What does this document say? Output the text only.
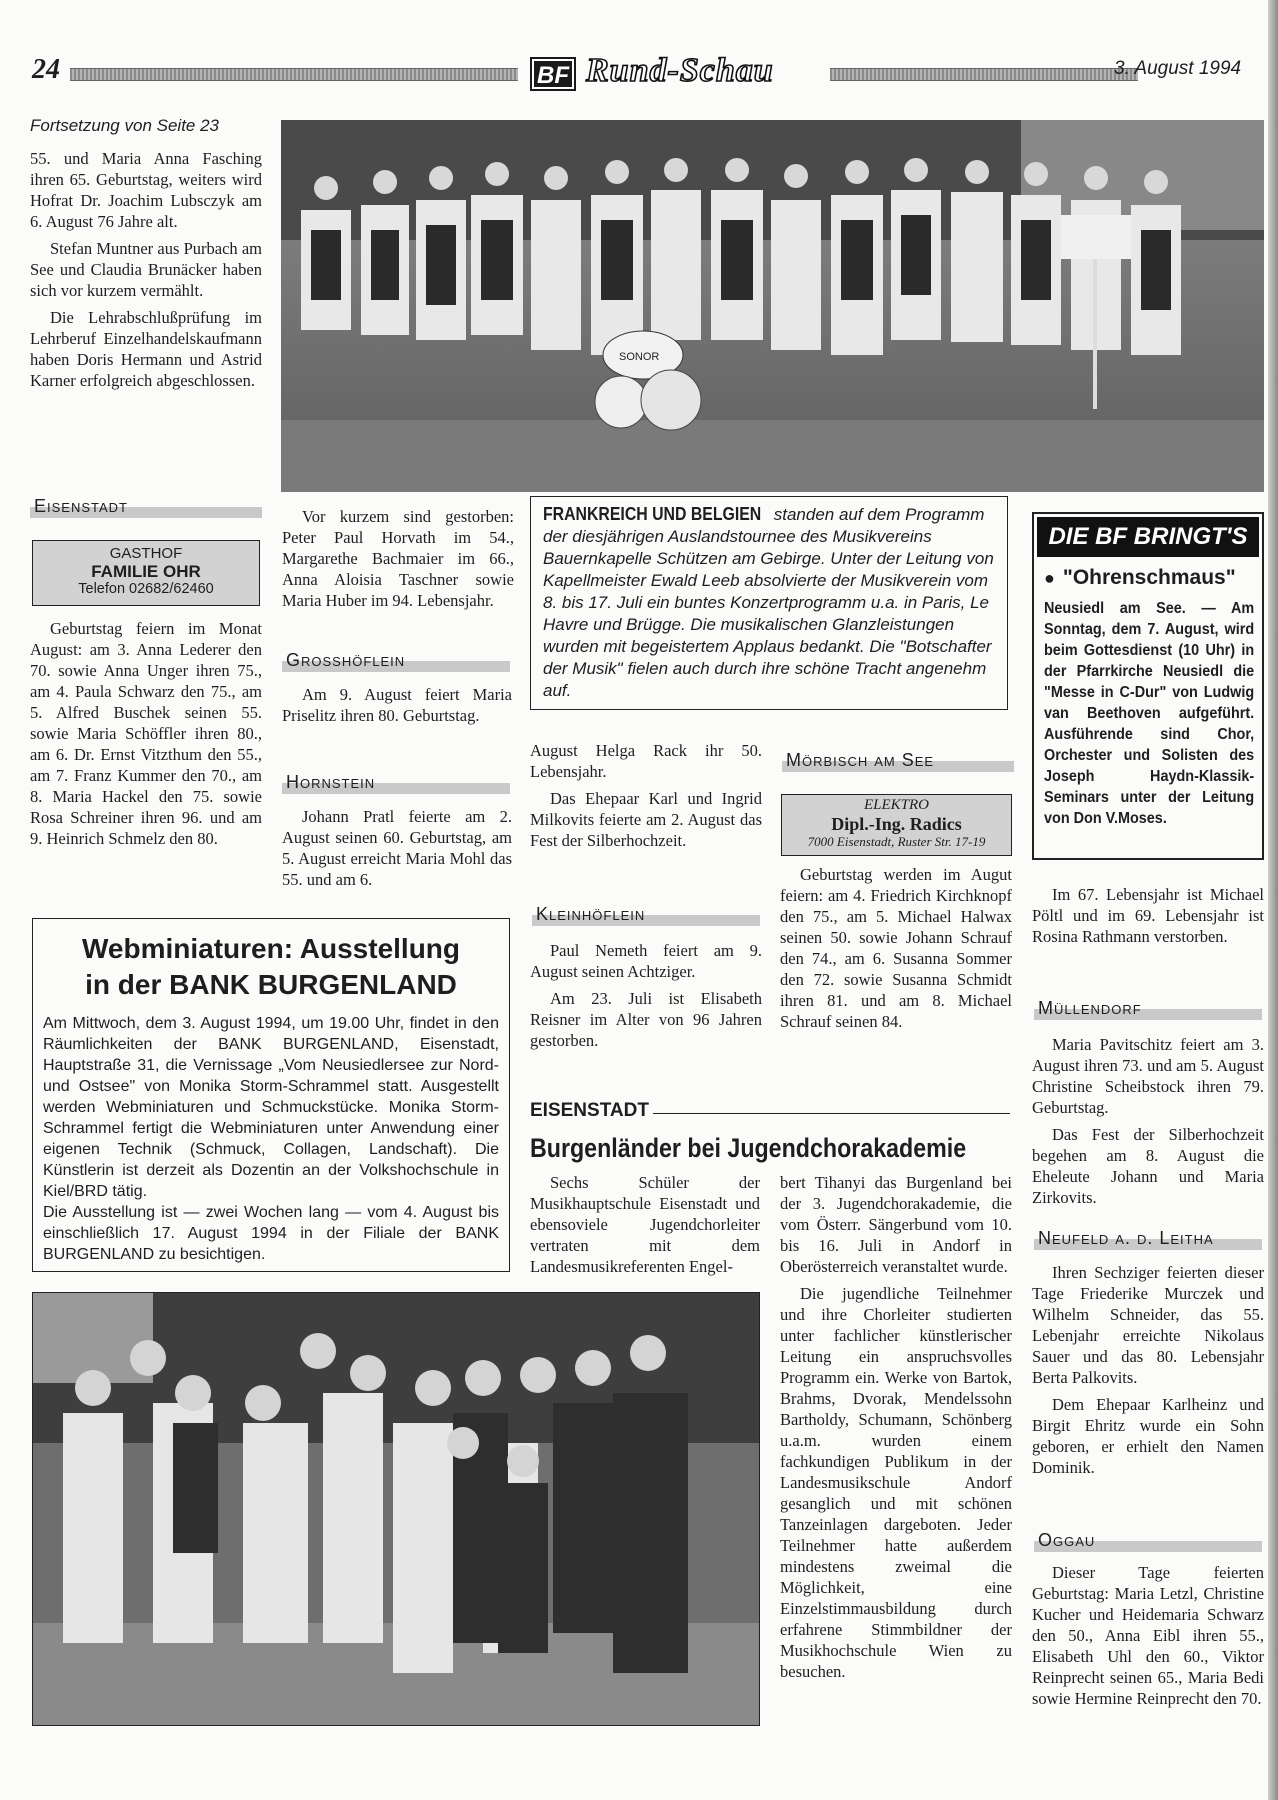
24	BF Rund-Schau	3. August 1994
Fortsetzung von Seite 23

55. und Maria Anna Fasching ihren 65. Geburtstag, weiters wird Hofrat Dr. Joachim Lubsczyk am 6. August 76 Jahre alt.

Stefan Muntner aus Purbach am See und Claudia Brunäcker haben sich vor kurzem vermählt.

Die Lehrabschlußprüfung im Lehrberuf Einzelhandelskaufmann haben Doris Hermann und Astrid Karner erfolgreich abgeschlossen.

Eisenstadt
GASTHOF
FAMILIE OHR
Telefon 02682/62460

Geburtstag feiern im Monat August: am 3. Anna Lederer den 70. sowie Anna Unger ihren 75., am 4. Paula Schwarz den 75., am 5. Alfred Buschek seinen 55. sowie Maria Schöffler ihren 80., am 6. Dr. Ernst Vitzthum den 55., am 7. Franz Kummer den 70., am 8. Maria Hackel den 75. sowie Rosa Schreiner ihren 96. und am 9. Heinrich Schmelz den 80.

SONOR

Vor kurzem sind gestorben: Peter Paul Horvath im 54., Margarethe Bachmaier im 66., Anna Aloisia Taschner sowie Maria Huber im 94. Lebensjahr.

Grosshöflein

Am 9. August feiert Maria Priselitz ihren 80. Geburtstag.

Hornstein

Johann Pratl feierte am 2. August seinen 60. Geburtstag, am 5. August erreicht Maria Mohl das 55. und am 6.

FRANKREICH UND BELGIEN standen auf dem Programm der diesjährigen Auslandstournee des Musikvereins Bauernkapelle Schützen am Gebirge. Unter der Leitung von Kapellmeister Ewald Leeb absolvierte der Musikverein vom 8. bis 17. Juli ein buntes Konzertprogramm u.a. in Paris, Le Havre und Brügge. Die musikalischen Glanzleistungen wurden mit begeistertem Applaus bedankt. Die "Botschafter der Musik" fielen auch durch ihre schöne Tracht angenehm auf.

August Helga Rack ihr 50. Lebensjahr.

Das Ehepaar Karl und Ingrid Milkovits feierte am 2. August das Fest der Silberhochzeit.

Kleinhöflein

Paul Nemeth feiert am 9. August seinen Achtziger.

Am 23. Juli ist Elisabeth Reisner im Alter von 96 Jahren gestorben.

Mörbisch am See
ELEKTRO
Dipl.-Ing. Radics
7000 Eisenstadt, Ruster Str. 17-19

Geburtstag werden im Augut feiern: am 4. Friedrich Kirchknopf den 75., am 5. Michael Halwax seinen 50. sowie Johann Schrauf den 74., am 6. Susanna Sommer den 72. sowie Susanna Schmidt ihren 81. und am 8. Michael Schrauf seinen 84.

DIE BF BRINGT'S
● "Ohrenschmaus"
Neusiedl am See. — Am Sonntag, dem 7. August, wird beim Gottesdienst (10 Uhr) in der Pfarrkirche Neusiedl die "Messe in C-Dur" von Ludwig van Beethoven aufgeführt. Ausführende sind Chor, Orchester und Solisten des Joseph Haydn-Klassik-Seminars unter der Leitung von Don V.Moses.

Im 67. Lebensjahr ist Michael Pöltl und im 69. Lebensjahr ist Rosina Rathmann verstorben.

Müllendorf

Maria Pavitschitz feiert am 3. August ihren 73. und am 5. August Christine Scheibstock ihren 79. Geburtstag.

Das Fest der Silberhochzeit begehen am 8. August die Eheleute Johann und Maria Zirkovits.

Neufeld a. d. Leitha

Ihren Sechziger feierten dieser Tage Friederike Murczek und Wilhelm Schneider, das 55. Lebenjahr erreichte Nikolaus Sauer und das 80. Lebensjahr Berta Palkovits.

Dem Ehepaar Karlheinz und Birgit Ehritz wurde ein Sohn geboren, er erhielt den Namen Dominik.

Oggau

Dieser Tage feierten Geburtstag: Maria Letzl, Christine Kucher und Heidemaria Schwarz den 50., Anna Eibl ihren 55., Elisabeth Uhl den 60., Viktor Reinprecht seinen 65., Maria Bedi sowie Hermine Reinprecht den 70.

Webminiaturen: Ausstellung
in der BANK BURGENLAND
Am Mittwoch, dem 3. August 1994, um 19.00 Uhr, findet in den Räumlichkeiten der BANK BURGENLAND, Eisenstadt, Hauptstraße 31, die Vernissage „Vom Neusiedlersee zur Nord- und Ostsee" von Monika Storm-Schrammel statt. Ausgestellt werden Webminiaturen und Schmuckstücke. Monika Storm-Schrammel fertigt die Webminiaturen unter Anwendung einer eigenen Technik (Schmuck, Collagen, Landschaft). Die Künstlerin ist derzeit als Dozentin an der Volkshochschule in Kiel/BRD tätig.
Die Ausstellung ist — zwei Wochen lang — vom 4. August bis einschließlich 17. August 1994 in der Filiale der BANK BURGENLAND zu besichtigen.
EISENSTADT
Burgenländer bei Jugendchorakademie

Sechs Schüler der Musikhauptschule Eisenstadt und ebensoviele Jugendchorleiter vertraten mit dem Landesmusikreferenten Engel-

bert Tihanyi das Burgenland bei der 3. Jugendchorakademie, die vom Österr. Sängerbund vom 10. bis 16. Juli in Andorf in Oberösterreich veranstaltet wurde.

Die jugendliche Teilnehmer und ihre Chorleiter studierten unter fachlicher künstlerischer Leitung ein anspruchsvolles Programm ein. Werke von Bartok, Brahms, Dvorak, Mendelssohn Bartholdy, Schumann, Schönberg u.a.m. wurden einem fachkundigen Publikum in der Landesmusikschule Andorf gesanglich und mit schönen Tanzeinlagen dargeboten. Jeder Teilnehmer hatte außerdem mindestens zweimal die Möglichkeit, eine Einzelstimmausbildung durch erfahrene Stimmbildner der Musikhochschule Wien zu besuchen.
